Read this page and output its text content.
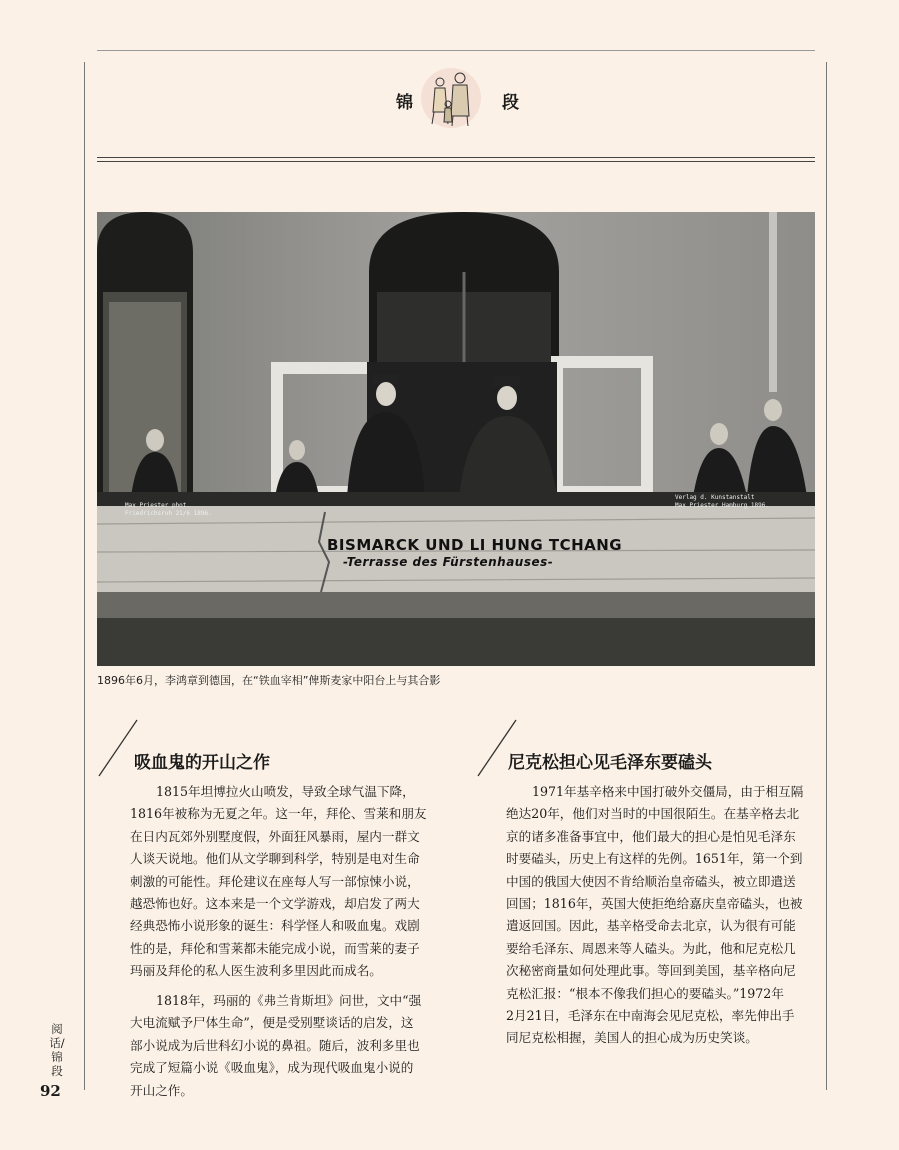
锦	段
Max Priester phot.
Friedrichsruh 21/6 1896.
Verlag d. Kunstanstalt
Max Priester Hamburg 1896.
BISMARCK UND LI HUNG TCHANG
-Terrasse des Fürstenhauses-
1896年6月，李鸿章到德国，在“铁血宰相”俾斯麦家中阳台上与其合影
吸血鬼的开山之作
1815年坦博拉火山喷发，导致全球气温下降，
1816年被称为无夏之年。这一年，拜伦、雪莱和朋友
在日内瓦郊外别墅度假，外面狂风暴雨，屋内一群文
人谈天说地。他们从文学聊到科学，特别是电对生命
刺激的可能性。拜伦建议在座每人写一部惊悚小说，
越恐怖也好。这本来是一个文学游戏，却启发了两大
经典恐怖小说形象的诞生：科学怪人和吸血鬼。戏剧
性的是，拜伦和雪莱都未能完成小说，而雪莱的妻子
玛丽及拜伦的私人医生波利多里因此而成名。
1818年，玛丽的《弗兰肯斯坦》问世，文中“强
大电流赋予尸体生命”，便是受别墅谈话的启发，这
部小说成为后世科幻小说的鼻祖。随后，波利多里也
完成了短篇小说《吸血鬼》，成为现代吸血鬼小说的
开山之作。
尼克松担心见毛泽东要磕头
1971年基辛格来中国打破外交僵局，由于相互隔
绝达20年，他们对当时的中国很陌生。在基辛格去北
京的诸多准备事宜中，他们最大的担心是怕见毛泽东
时要磕头，历史上有这样的先例。1651年，第一个到
中国的俄国大使因不肯给顺治皇帝磕头，被立即遣送
回国；1816年，英国大使拒绝给嘉庆皇帝磕头，也被
遣返回国。因此，基辛格受命去北京，认为很有可能
要给毛泽东、周恩来等人磕头。为此，他和尼克松几
次秘密商量如何处理此事。等回到美国，基辛格向尼
克松汇报：“根本不像我们担心的要磕头。”1972年
2月21日，毛泽东在中南海会见尼克松，率先伸出手
同尼克松相握，美国人的担心成为历史笑谈。
阅话/锦段
92
